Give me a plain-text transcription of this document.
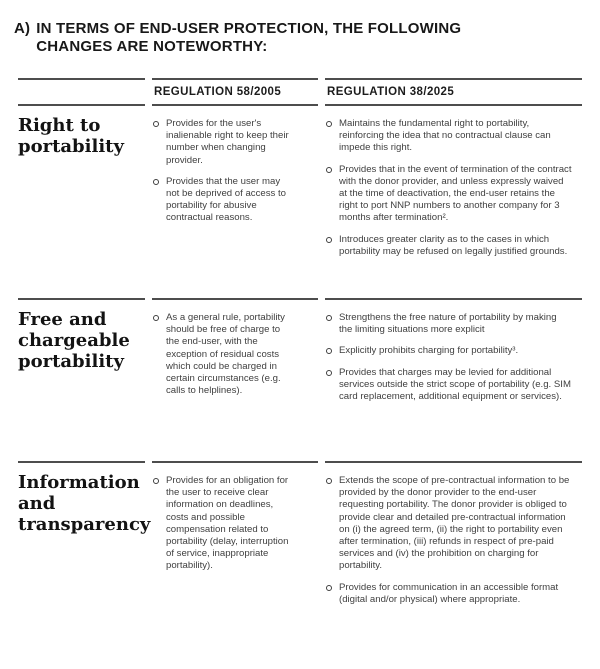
A) IN TERMS OF END-USER PROTECTION, THE FOLLOWING CHANGES ARE NOTEWORTHY:
REGULATION 58/2005	REGULATION 38/2025
Right to portability
Provides for the user's inalienable right to keep their number when changing provider.
Provides that the user may not be deprived of access to portability for abusive contractual reasons.
Maintains the fundamental right to portability, reinforcing the idea that no contractual clause can impede this right.
Provides that in the event of termination of the contract with the donor provider, and unless expressly waived at the time of deactivation, the end-user retains the right to port NNP numbers to another company for 3 months after termination².
Introduces greater clarity as to the cases in which portability may be refused on legally justified grounds.
Free and chargeable portability
As a general rule, portability should be free of charge to the end-user, with the exception of residual costs which could be charged in certain circumstances (e.g. calls to helplines).
Strengthens the free nature of portability by making the limiting situations more explicit
Explicitly prohibits charging for portability³.
Provides that charges may be levied for additional services outside the strict scope of portability (e.g. SIM card replacement, additional equipment or services).
Information and transparency
Provides for an obligation for the user to receive clear information on deadlines, costs and possible compensation related to portability (delay, interruption of service, inappropriate portability).
Extends the scope of pre-contractual information to be provided by the donor provider to the end-user requesting portability. The donor provider is obliged to provide clear and detailed pre-contractual information on (i) the agreed term, (ii) the right to portability even after termination, (iii) refunds in respect of pre-paid services and (iv) the prohibition on charging for portability.
Provides for communication in an accessible format (digital and/or physical) where appropriate.
